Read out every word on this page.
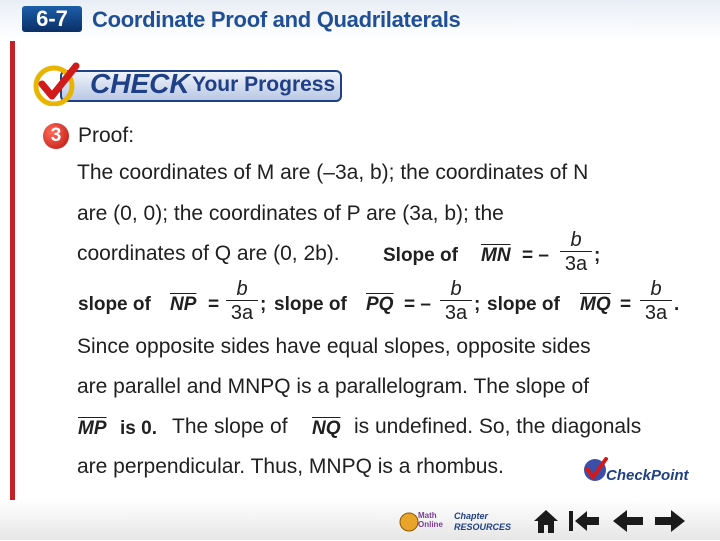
6-7	Coordinate Proof and Quadrilaterals
CHECK Your Progress
3 Proof:
The coordinates of M are (–3a, b); the coordinates of N
are (0, 0); the coordinates of P are (3a, b); the
coordinates of Q are (0, 2b). Slope of $\overline{MN}$ = – $\frac{b}{3a}$ ;
slope of $\overline{NP} = \frac{b}{3a}$ ; slope of $\overline{PQ}$ = – $\frac{b}{3a}$ ; slope of $\overline{MQ} = \frac{b}{3a}$ .
Since opposite sides have equal slopes, opposite sides
are parallel and MNPQ is a parallelogram. The slope of
$\overline{MP}$ is 0. The slope of $\overline{NQ}$ is undefined. So, the diagonals
are perpendicular. Thus, MNPQ is a rhombus.	CheckPoint
Math Online
Chapter RESOURCES
